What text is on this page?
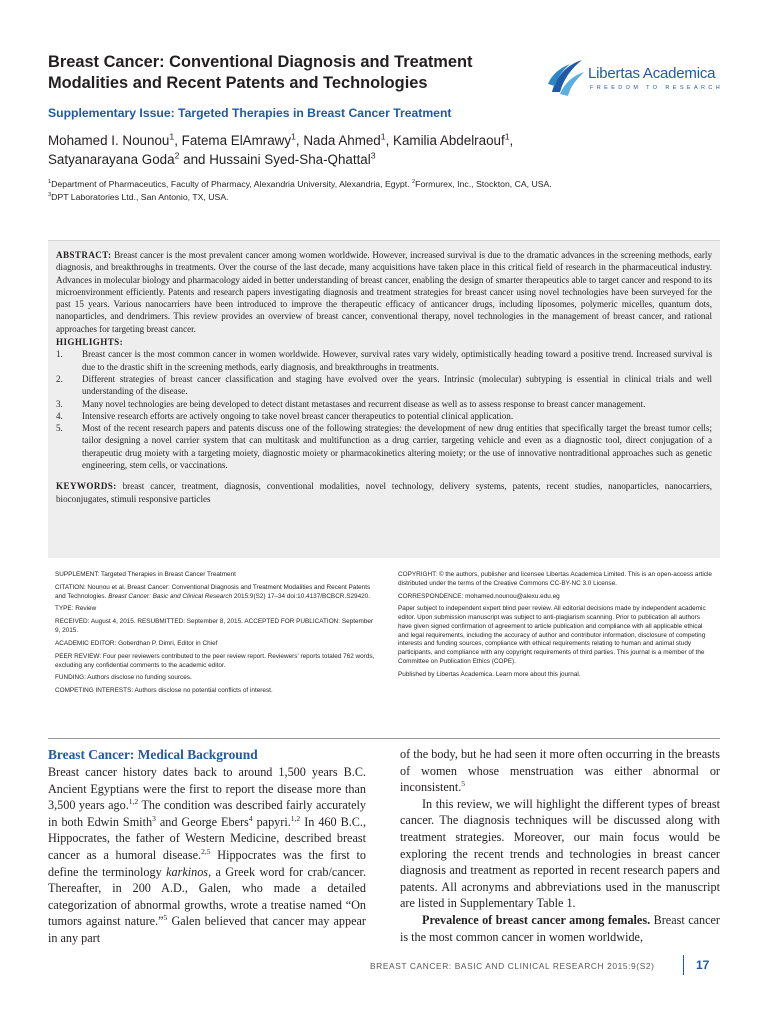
Breast Cancer: Conventional Diagnosis and Treatment
Modalities and Recent Patents and Technologies
Libertas Academica
FREEDOM TO RESEARCH
Supplementary Issue: Targeted Therapies in Breast Cancer Treatment
Mohamed I. Nounou$^1$, Fatema ElAmrawy$^1$, Nada Ahmed$^1$, Kamilia Abdelraouf$^1$,
Satyanarayana Goda$^2$ and Hussaini Syed-Sha-Qhattal$^3$
$^1$Department of Pharmaceutics, Faculty of Pharmacy, Alexandria University, Alexandria, Egypt. $^2$Formurex, Inc., Stockton, CA, USA.
$^3$DPT Laboratories Ltd., San Antonio, TX, USA.

ABSTRACT: Breast cancer is the most prevalent cancer among women worldwide. However, increased survival is due to the dramatic advances in the screening methods, early diagnosis, and breakthroughs in treatments. Over the course of the last decade, many acquisitions have taken place in this critical field of research in the pharmaceutical industry. Advances in molecular biology and pharmacology aided in better understanding of breast cancer, enabling the design of smarter therapeutics able to target cancer and respond to its microenvironment efficiently. Patents and research papers investigating diagnosis and treatment strategies for breast cancer using novel technologies have been surveyed for the past 15 years. Various nanocarriers have been introduced to improve the therapeutic efficacy of anticancer drugs, including liposomes, polymeric micelles, quantum dots, nanoparticles, and dendrimers. This review provides an overview of breast cancer, conventional therapy, novel technologies in the management of breast cancer, and rational approaches for targeting breast cancer.

HIGHLIGHTS:
1. Breast cancer is the most common cancer in women worldwide. However, survival rates vary widely, optimistically heading toward a positive trend. Increased survival is due to the drastic shift in the screening methods, early diagnosis, and breakthroughs in treatments.
2. Different strategies of breast cancer classification and staging have evolved over the years. Intrinsic (molecular) subtyping is essential in clinical trials and well understanding of the disease.
3. Many novel technologies are being developed to detect distant metastases and recurrent disease as well as to assess response to breast cancer management.
4. Intensive research efforts are actively ongoing to take novel breast cancer therapeutics to potential clinical application.
5. Most of the recent research papers and patents discuss one of the following strategies: the development of new drug entities that specifically target the breast tumor cells; tailor designing a novel carrier system that can multitask and multifunction as a drug carrier, targeting vehicle and even as a diagnostic tool, direct conjugation of a therapeutic drug moiety with a targeting moiety, diagnostic moiety or pharmacokinetics altering moiety; or the use of innovative nontraditional approaches such as genetic engineering, stem cells, or vaccinations.

KEYWORDS: breast cancer, treatment, diagnosis, conventional modalities, novel technology, delivery systems, patents, recent studies, nanoparticles, nanocarriers, bioconjugates, stimuli responsive particles

SUPPLEMENT: Targeted Therapies in Breast Cancer Treatment

CITATION: Nounou et al. Breast Cancer: Conventional Diagnosis and Treatment Modalities and Recent Patents and Technologies. Breast Cancer: Basic and Clinical Research 2015:9(S2) 17–34 doi:10.4137/BCBCR.S29420.

TYPE: Review

RECEIVED: August 4, 2015. RESUBMITTED: September 8, 2015. ACCEPTED FOR PUBLICATION: September 9, 2015.

ACADEMIC EDITOR: Goberdhan P. Dimri, Editor in Chief

PEER REVIEW: Four peer reviewers contributed to the peer review report. Reviewers' reports totaled 762 words, excluding any confidential comments to the academic editor.

FUNDING: Authors disclose no funding sources.

COMPETING INTERESTS: Authors disclose no potential conflicts of interest.

COPYRIGHT: © the authors, publisher and licensee Libertas Academica Limited. This is an open-access article distributed under the terms of the Creative Commons CC-BY-NC 3.0 License.

CORRESPONDENCE: mohamed.nounou@alexu.edu.eg

Paper subject to independent expert blind peer review. All editorial decisions made by independent academic editor. Upon submission manuscript was subject to anti-plagiarism scanning. Prior to publication all authors have given signed confirmation of agreement to article publication and compliance with all applicable ethical and legal requirements, including the accuracy of author and contributor information, disclosure of competing interests and funding sources, compliance with ethical requirements relating to human and animal study participants, and compliance with any copyright requirements of third parties. This journal is a member of the Committee on Publication Ethics (COPE).

Published by Libertas Academica. Learn more about this journal.

Breast Cancer: Medical Background

Breast cancer history dates back to around 1,500 years B.C. Ancient Egyptians were the first to report the disease more than 3,500 years ago.$^{1,2}$ The condition was described fairly accurately in both Edwin Smith$^3$ and George Ebers$^4$ papyri.$^{1,2}$ In 460 B.C., Hippocrates, the father of Western Medicine, described breast cancer as a humoral disease.$^{2,5}$ Hippocrates was the first to define the terminology karkinos, a Greek word for crab/cancer. Thereafter, in 200 A.D., Galen, who made a detailed categorization of abnormal growths, wrote a treatise named “On tumors against nature.”$^5$ Galen believed that cancer may appear in any part

of the body, but he had seen it more often occurring in the breasts of women whose menstruation was either abnormal or inconsistent.$^5$

In this review, we will highlight the different types of breast cancer. The diagnosis techniques will be discussed along with treatment strategies. Moreover, our main focus would be exploring the recent trends and technologies in breast cancer diagnosis and treatment as reported in recent research papers and patents. All acronyms and abbreviations used in the manuscript are listed in Supplementary Table 1.

Prevalence of breast cancer among females. Breast cancer is the most common cancer in women worldwide,

BREAST CANCER: BASIC AND CLINICAL RESEARCH 2015:9(S2)	17
